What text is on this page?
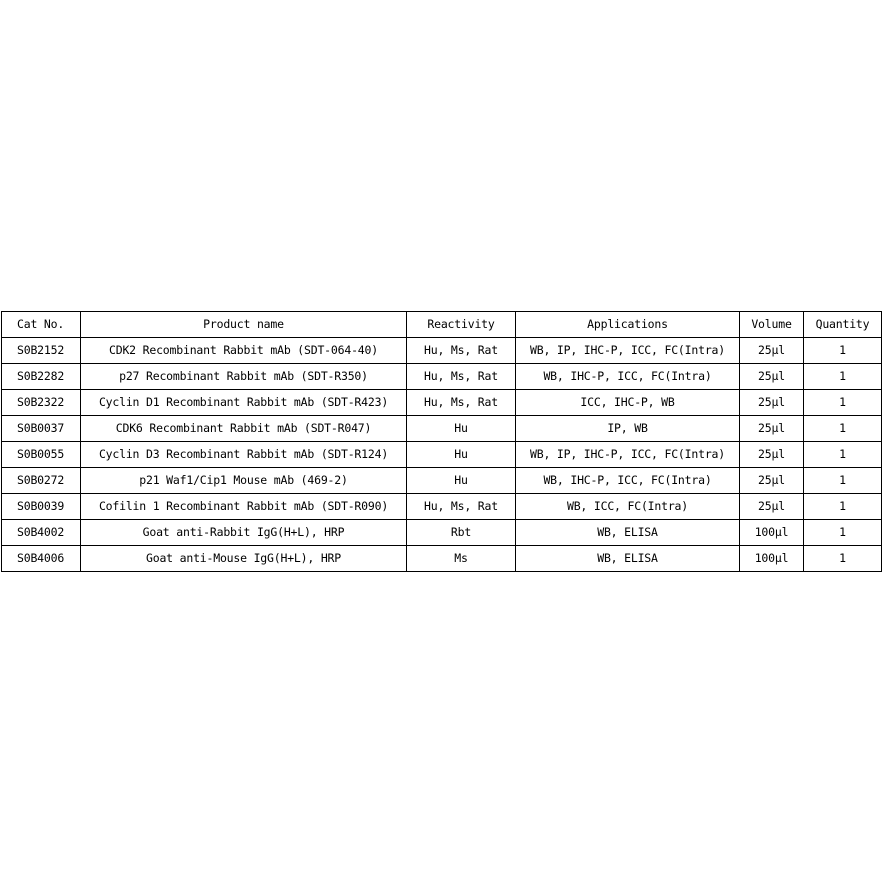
Cat No.	Product name	Reactivity	Applications	Volume	Quantity
S0B2152	CDK2 Recombinant Rabbit mAb (SDT-064-40)	Hu, Ms, Rat	WB, IP, IHC-P, ICC, FC(Intra)	25μl	1
S0B2282	p27 Recombinant Rabbit mAb (SDT-R350)	Hu, Ms, Rat	WB, IHC-P, ICC, FC(Intra)	25μl	1
S0B2322	Cyclin D1 Recombinant Rabbit mAb (SDT-R423)	Hu, Ms, Rat	ICC, IHC-P, WB	25μl	1
S0B0037	CDK6 Recombinant Rabbit mAb (SDT-R047)	Hu	IP, WB	25μl	1
S0B0055	Cyclin D3 Recombinant Rabbit mAb (SDT-R124)	Hu	WB, IP, IHC-P, ICC, FC(Intra)	25μl	1
S0B0272	p21 Waf1/Cip1 Mouse mAb (469-2)	Hu	WB, IHC-P, ICC, FC(Intra)	25μl	1
S0B0039	Cofilin 1 Recombinant Rabbit mAb (SDT-R090)	Hu, Ms, Rat	WB, ICC, FC(Intra)	25μl	1
S0B4002	Goat anti-Rabbit IgG(H+L), HRP	Rbt	WB, ELISA	100μl	1
S0B4006	Goat anti-Mouse IgG(H+L), HRP	Ms	WB, ELISA	100μl	1
